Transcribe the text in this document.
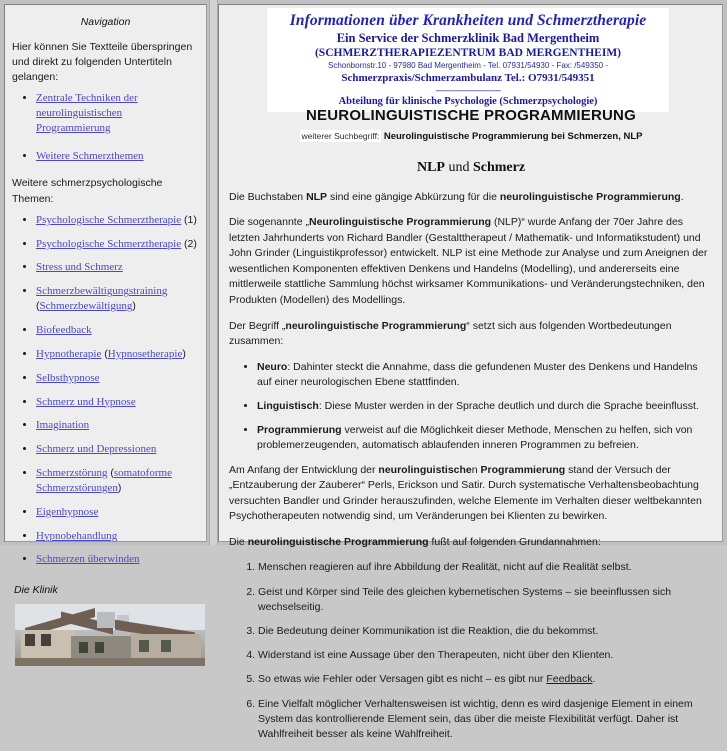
Navigation
Hier können Sie Textteile überspringen
und direkt zu folgenden Untertiteln gelangen:
• Zentrale Techniken der neurolinguistischen Programmierung
• Weitere Schmerzthemen
Weitere schmerzpsychologische Themen:
• Psychologische Schmerztherapie (1)
• Psychologische Schmerztherapie (2)
• Stress und Schmerz
• Schmerzbewältigungstraining
(Schmerzbewältigung)
• Biofeedback
• Hypnotherapie (Hypnosetherapie)
• Selbsthypnose
• Schmerz und Hypnose
• Imagination
• Schmerz und Depressionen
• Schmerzstörung (somatoforme Schmerzstörungen)
• Eigenhypnose
• Hypnobehandlung
• Schmerzen überwinden
Die Klinik
Informationen über Krankheiten und Schmerztherapie
Ein Service der Schmerzklinik Bad Mergentheim
(SCHMERZTHERAPIEZENTRUM BAD MERGENTHEIM)
Schonbornstr.10 - 97980 Bad Mergentheim - Tel. 07931/54930 - Fax: /549350 -
Schmerzpraxis/Schmerzambulanz Tel.: O7931/549351
--------------------------
Abteilung für klinische Psychologie (Schmerzpsychologie)
NEUROLINGUISTISCHE PROGRAMMIERUNG
weiterer Suchbegriff: Neurolinguistische Programmierung bei Schmerzen, NLP
NLP und Schmerz

Die Buchstaben NLP sind eine gängige Abkürzung für die neurolinguistische Programmierung.

Die sogenannte „Neurolinguistische Programmierung (NLP)“ wurde Anfang der 70er Jahre des letzten Jahrhunderts von Richard Bandler (Gestalttherapeut / Mathematik- und Informatikstudent) und John Grinder (Linguistikprofessor) entwickelt. NLP ist eine Methode zur Analyse und zum Aneignen der wesentlichen Komponenten effektiven Denkens und Handelns (Modelling), und andererseits eine mittlerweile stattliche Sammlung höchst wirksamer Kommunikations- und Veränderungstechniken, den Produkten (Modellen) des Modellings.

Der Begriff „neurolinguistische Programmierung“ setzt sich aus folgenden Wortbedeutungen zusammen:

• Neuro: Dahinter steckt die Annahme, dass die gefundenen Muster des Denkens und Handelns auf einer neurologischen Ebene stattfinden.
• Linguistisch: Diese Muster werden in der Sprache deutlich und durch die Sprache beeinflusst.
• Programmierung verweist auf die Möglichkeit dieser Methode, Menschen zu helfen, sich von problemerzeugenden, automatisch ablaufenden inneren Programmen zu befreien.

Am Anfang der Entwicklung der neurolinguistischen Programmierung stand der Versuch der „Entzauberung der Zauberer“ Perls, Erickson und Satir. Durch systematische Verhaltensbeobachtung versuchten Bandler und Grinder herauszufinden, welche Elemente im Verhalten dieser weltbekannten Psychotherapeuten notwendig sind, um Veränderungen bei Klienten zu bewirken.

Die neurolinguistische Programmierung fußt auf folgenden Grundannahmen:

1. Menschen reagieren auf ihre Abbildung der Realität, nicht auf die Realität selbst.
2. Geist und Körper sind Teile des gleichen kybernetischen Systems – sie beeinflussen sich wechselseitig.
3. Die Bedeutung deiner Kommunikation ist die Reaktion, die du bekommst.
4. Widerstand ist eine Aussage über den Therapeuten, nicht über den Klienten.
5. So etwas wie Fehler oder Versagen gibt es nicht – es gibt nur Feedback.
6. Eine Vielfalt möglicher Verhaltensweisen ist wichtig, denn es wird dasjenige Element in einem System das kontrollierende Element sein, das über die meiste Flexibilität verfügt. Daher ist Wahlfreiheit besser als keine Wahlfreiheit.
